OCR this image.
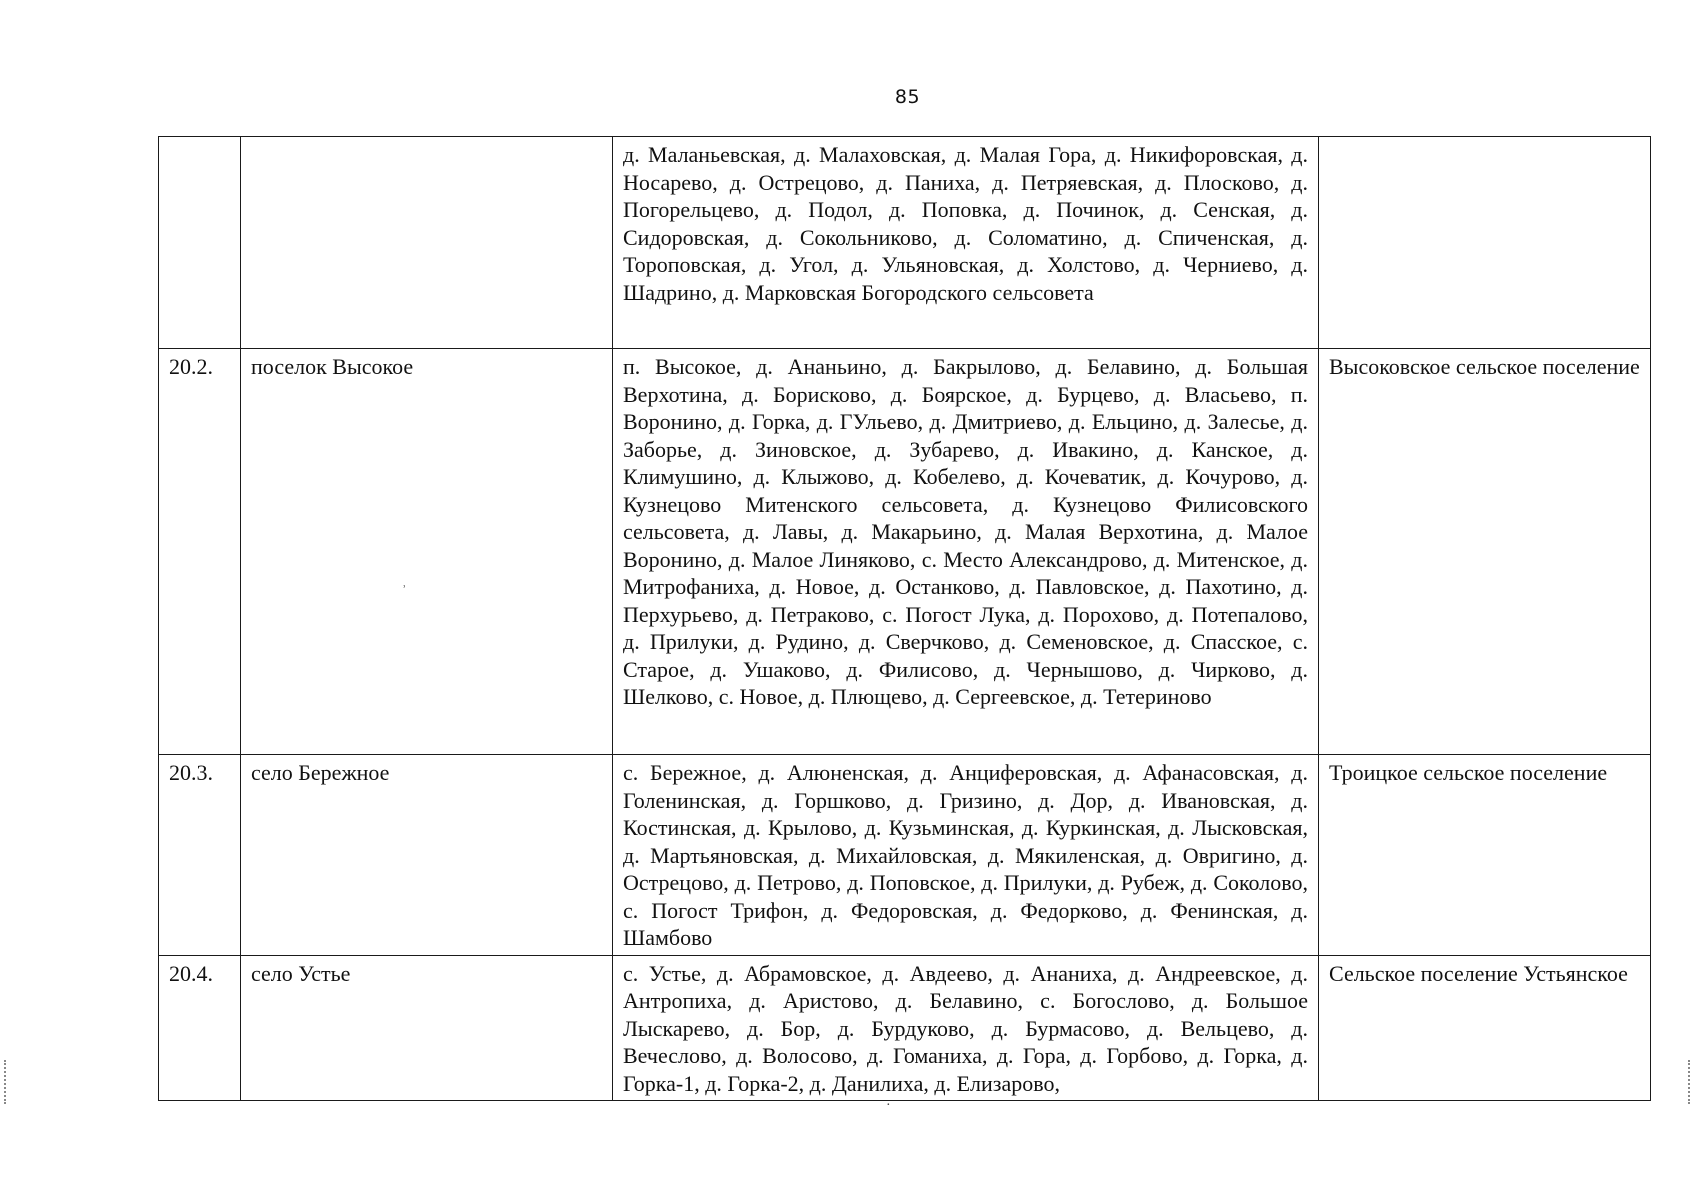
85
		д. Маланьевская, д. Малаховская, д. Малая Гора, д. Никифоровская, д. Носарево, д. Острецово, д. Паниха, д. Петряевская, д. Плосково, д. Погорельцево, д. Подол, д. Поповка, д. Починок, д. Сенская, д. Сидоровская, д. Сокольниково, д. Соломатино, д. Спиченская, д. Тороповская, д. Угол, д. Ульяновская, д. Холстово, д. Черниево, д. Шадрино, д. Марковская Богородского сельсовета	
20.2.	поселок Высокое	п. Высокое, д. Ананьино, д. Бакрылово, д. Белавино, д. Большая Верхотина, д. Борисково, д. Боярское, д. Бурцево, д. Власьево, п. Воронино, д. Горка, д. ГУльево, д. Дмитриево, д. Ельцино, д. Залесье, д. Заборье, д. Зиновское, д. Зубарево, д. Ивакино, д. Канское, д. Климушино, д. Клыжово, д. Кобелево, д. Кочеватик, д. Кочурово, д. Кузнецово Митенского сельсовета, д. Кузнецово Филисовского сельсовета, д. Лавы, д. Макарьино, д. Малая Верхотина, д. Малое Воронино, д. Малое Линяково, с. Место Александрово, д. Митенское, д. Митрофаниха, д. Новое, д. Останково, д. Павловское, д. Пахотино, д. Перхурьево, д. Петраково, с. Погост Лука, д. Порохово, д. Потепалово, д. Прилуки, д. Рудино, д. Сверчково, д. Семеновское, д. Спасское, с. Старое, д. Ушаково, д. Филисово, д. Чернышово, д. Чирково, д. Шелково, с. Новое, д. Плющево, д. Сергеевское, д. Тетериново	Высоковское сельское поселение
20.3.	село Бережное	с. Бережное, д. Алюненская, д. Анциферовская, д. Афанасовская, д. Голенинская, д. Горшково, д. Гризино, д. Дор, д. Ивановская, д. Костинская, д. Крылово, д. Кузьминская, д. Куркинская, д. Лысковская, д. Мартьяновская, д. Михайловская, д. Мякиленская, д. Овригино, д. Острецово, д. Петрово, д. Поповское, д. Прилуки, д. Рубеж, д. Соколово, с. Погост Трифон, д. Федоровская, д. Федорково, д. Фенинская, д. Шамбово	Троицкое сельское поселение
20.4.	село Устье	с. Устье, д. Абрамовское, д. Авдеево, д. Ананиха, д. Андреевское, д. Антропиха, д. Аристово, д. Белавино, с. Богослово, д. Большое Лыскарево, д. Бор, д. Бурдуково, д. Бурмасово, д. Вельцево, д. Вечеслово, д. Волосово, д. Гоманиха, д. Гора, д. Горбово, д. Горка, д. Горка-1, д. Горка-2, д. Данилиха, д. Елизарово,	Сельское поселение Устьянское
ʾ
·
